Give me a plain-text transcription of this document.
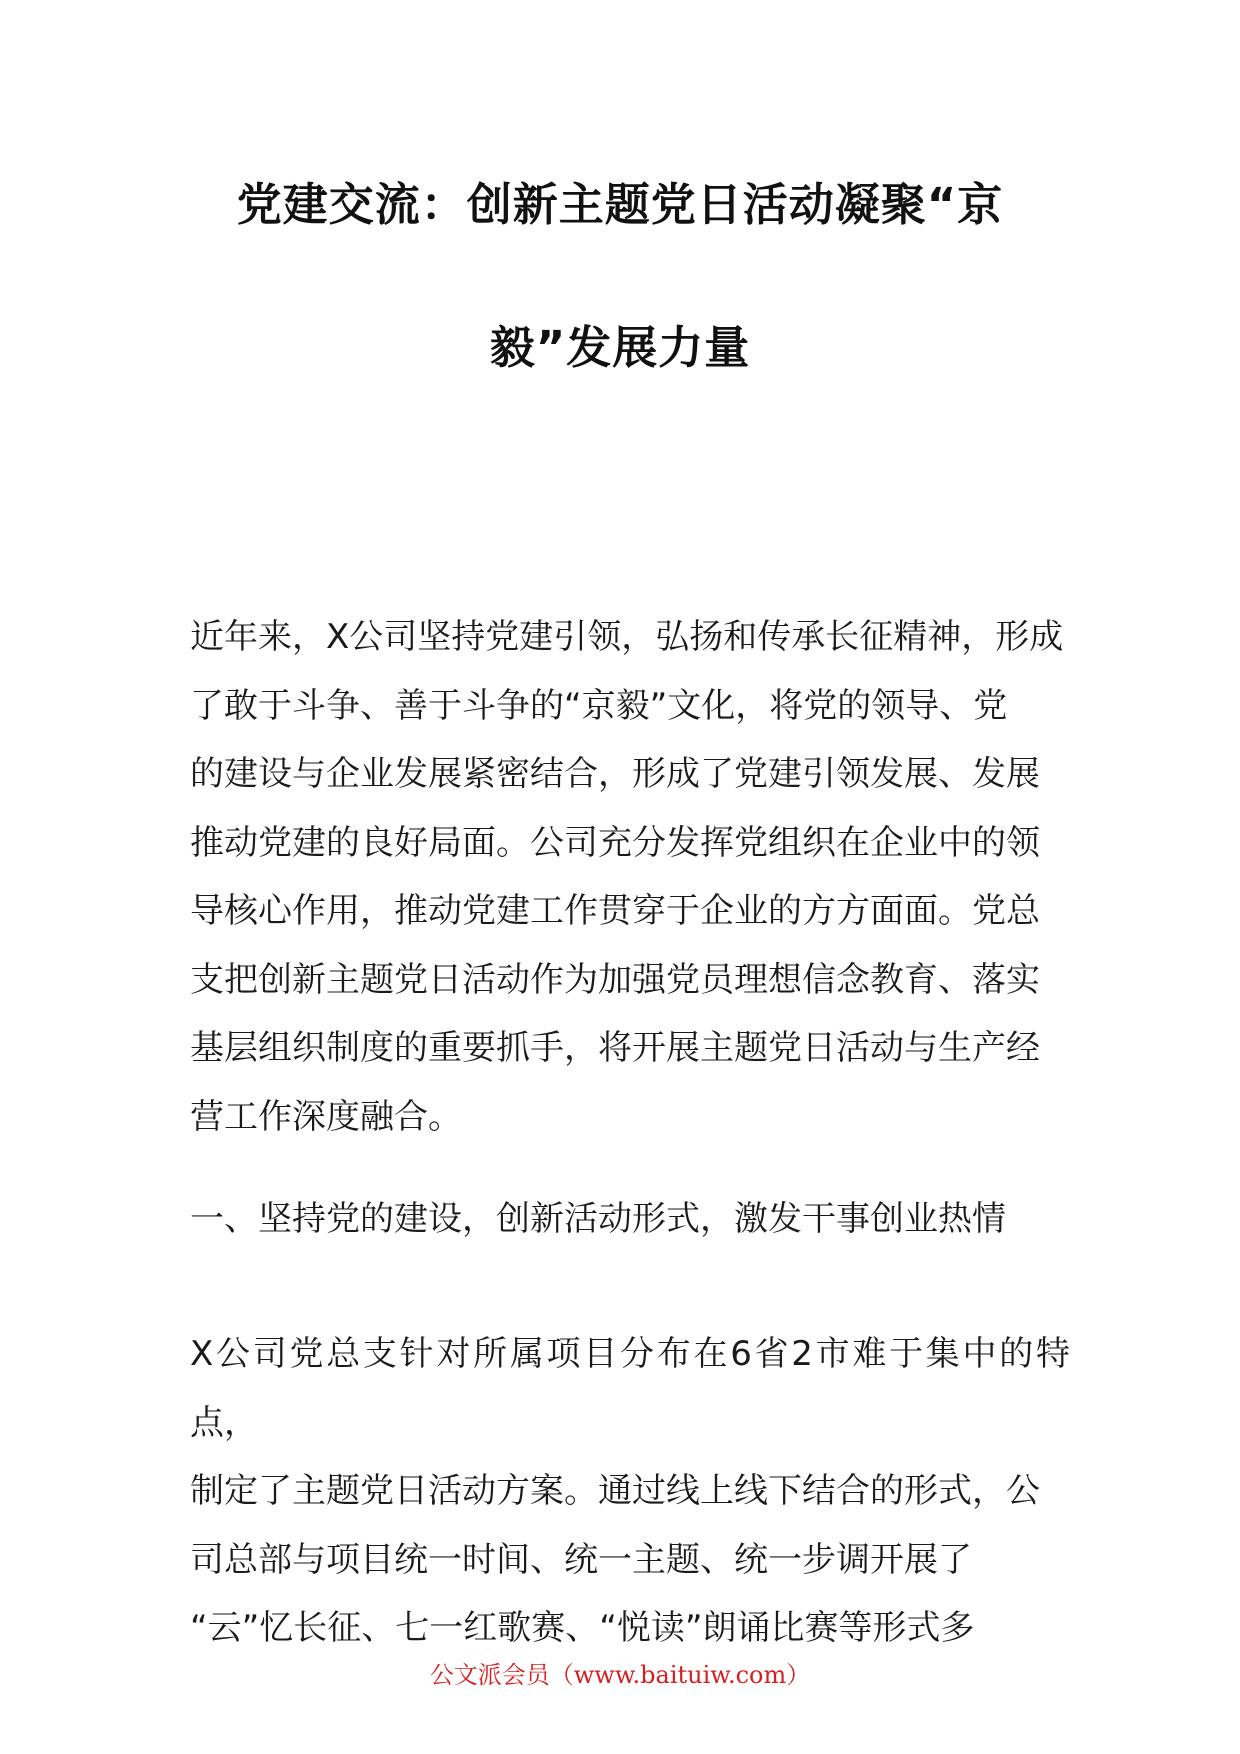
党建交流：创新主题党日活动凝聚“京
毅”发展力量
近年来，X公司坚持党建引领，弘扬和传承长征精神，形成
了敢于斗争、善于斗争的“京毅”文化，将党的领导、党
的建设与企业发展紧密结合，形成了党建引领发展、发展
推动党建的良好局面。公司充分发挥党组织在企业中的领
导核心作用，推动党建工作贯穿于企业的方方面面。党总
支把创新主题党日活动作为加强党员理想信念教育、落实
基层组织制度的重要抓手，将开展主题党日活动与生产经
营工作深度融合。
一、坚持党的建设，创新活动形式，激发干事创业热情
X公司党总支针对所属项目分布在6省2市难于集中的特点，
制定了主题党日活动方案。通过线上线下结合的形式，公
司总部与项目统一时间、统一主题、统一步调开展了
“云”忆长征、七一红歌赛、“悦读”朗诵比赛等形式多
公文派会员（www.baituiw.com）
